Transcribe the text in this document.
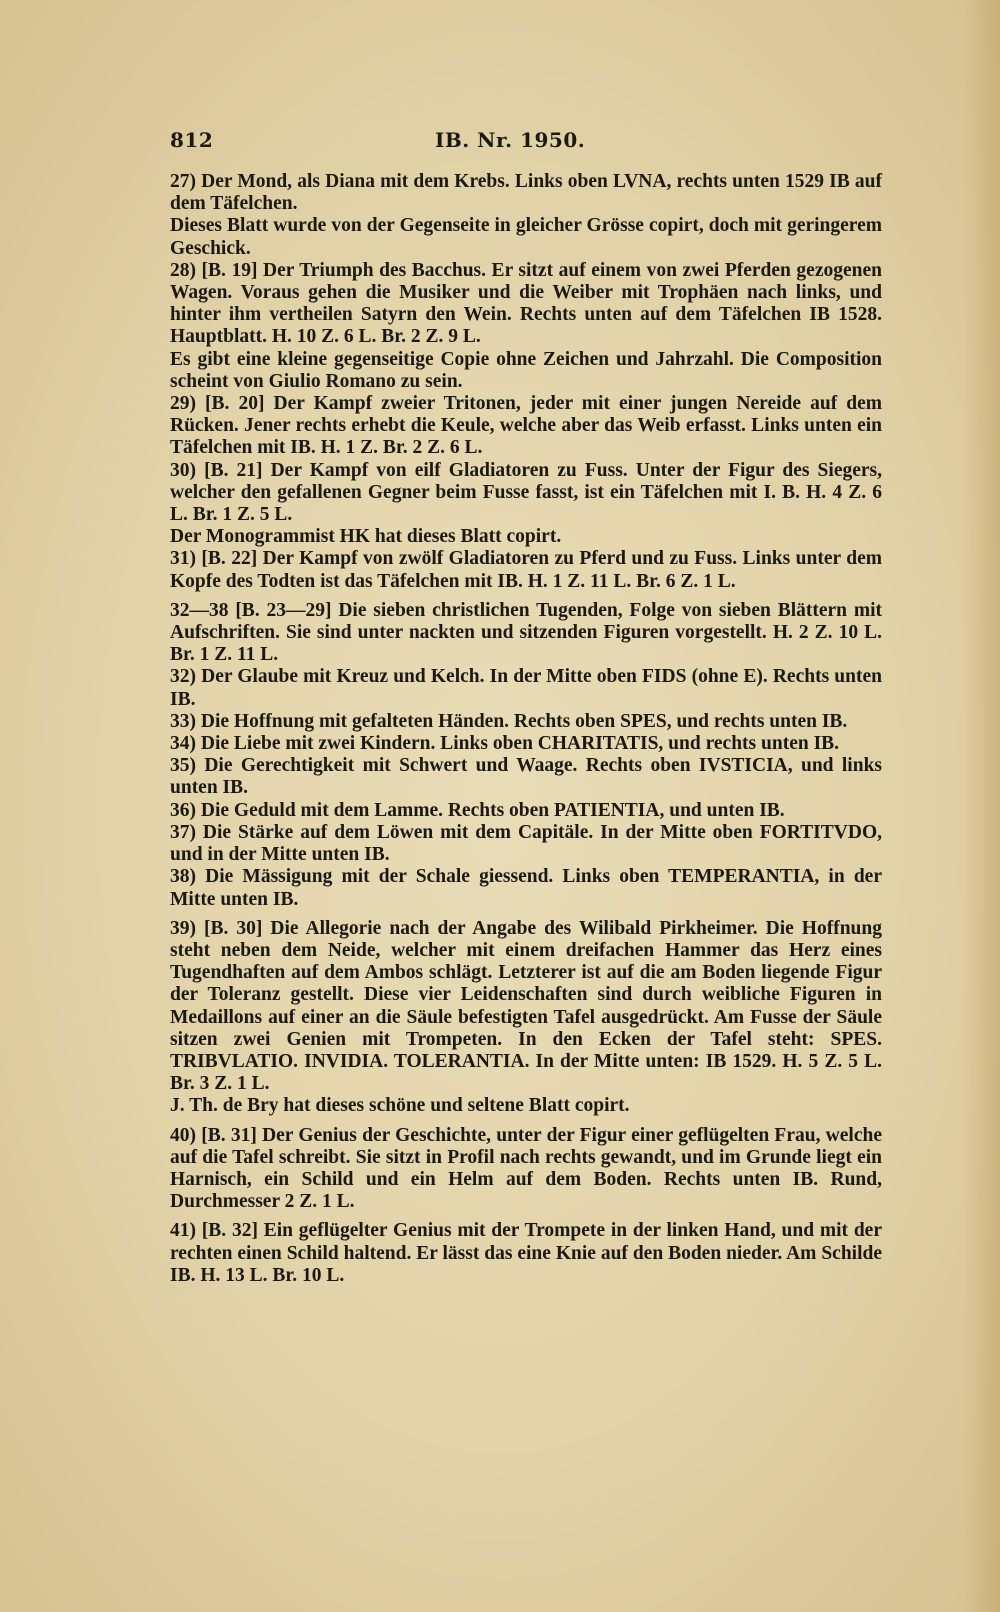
812	IB. Nr. 1950.

27) Der Mond, als Diana mit dem Krebs. Links oben LVNA, rechts unten 1529 IB auf dem Täfelchen.

Dieses Blatt wurde von der Gegenseite in gleicher Grösse copirt, doch mit geringerem Geschick.

28) [B. 19] Der Triumph des Bacchus. Er sitzt auf einem von zwei Pferden gezogenen Wagen. Voraus gehen die Musiker und die Weiber mit Trophäen nach links, und hinter ihm vertheilen Satyrn den Wein. Rechts unten auf dem Täfelchen IB 1528. Hauptblatt. H. 10 Z. 6 L. Br. 2 Z. 9 L.

Es gibt eine kleine gegenseitige Copie ohne Zeichen und Jahrzahl. Die Composition scheint von Giulio Romano zu sein.

29) [B. 20] Der Kampf zweier Tritonen, jeder mit einer jungen Nereide auf dem Rücken. Jener rechts erhebt die Keule, welche aber das Weib erfasst. Links unten ein Täfelchen mit IB. H. 1 Z. Br. 2 Z. 6 L.

30) [B. 21] Der Kampf von eilf Gladiatoren zu Fuss. Unter der Figur des Siegers, welcher den gefallenen Gegner beim Fusse fasst, ist ein Täfelchen mit I. B. H. 4 Z. 6 L. Br. 1 Z. 5 L.

Der Monogrammist HK hat dieses Blatt copirt.

31) [B. 22] Der Kampf von zwölf Gladiatoren zu Pferd und zu Fuss. Links unter dem Kopfe des Todten ist das Täfelchen mit IB. H. 1 Z. 11 L. Br. 6 Z. 1 L.

32—38 [B. 23—29] Die sieben christlichen Tugenden, Folge von sieben Blättern mit Aufschriften. Sie sind unter nackten und sitzenden Figuren vorgestellt. H. 2 Z. 10 L. Br. 1 Z. 11 L.

32) Der Glaube mit Kreuz und Kelch. In der Mitte oben FIDS (ohne E). Rechts unten IB.

33) Die Hoffnung mit gefalteten Händen. Rechts oben SPES, und rechts unten IB.

34) Die Liebe mit zwei Kindern. Links oben CHARITATIS, und rechts unten IB.

35) Die Gerechtigkeit mit Schwert und Waage. Rechts oben IVSTICIA, und links unten IB.

36) Die Geduld mit dem Lamme. Rechts oben PATIENTIA, und unten IB.

37) Die Stärke auf dem Löwen mit dem Capitäle. In der Mitte oben FORTITVDO, und in der Mitte unten IB.

38) Die Mässigung mit der Schale giessend. Links oben TEMPERANTIA, in der Mitte unten IB.

39) [B. 30] Die Allegorie nach der Angabe des Wilibald Pirkheimer. Die Hoffnung steht neben dem Neide, welcher mit einem dreifachen Hammer das Herz eines Tugendhaften auf dem Ambos schlägt. Letzterer ist auf die am Boden liegende Figur der Toleranz gestellt. Diese vier Leidenschaften sind durch weibliche Figuren in Medaillons auf einer an die Säule befestigten Tafel ausgedrückt. Am Fusse der Säule sitzen zwei Genien mit Trompeten. In den Ecken der Tafel steht: SPES. TRIBVLATIO. INVIDIA. TOLERANTIA. In der Mitte unten: IB 1529. H. 5 Z. 5 L. Br. 3 Z. 1 L.

J. Th. de Bry hat dieses schöne und seltene Blatt copirt.

40) [B. 31] Der Genius der Geschichte, unter der Figur einer geflügelten Frau, welche auf die Tafel schreibt. Sie sitzt in Profil nach rechts gewandt, und im Grunde liegt ein Harnisch, ein Schild und ein Helm auf dem Boden. Rechts unten IB. Rund, Durchmesser 2 Z. 1 L.

41) [B. 32] Ein geflügelter Genius mit der Trompete in der linken Hand, und mit der rechten einen Schild haltend. Er lässt das eine Knie auf den Boden nieder. Am Schilde IB. H. 13 L. Br. 10 L.
